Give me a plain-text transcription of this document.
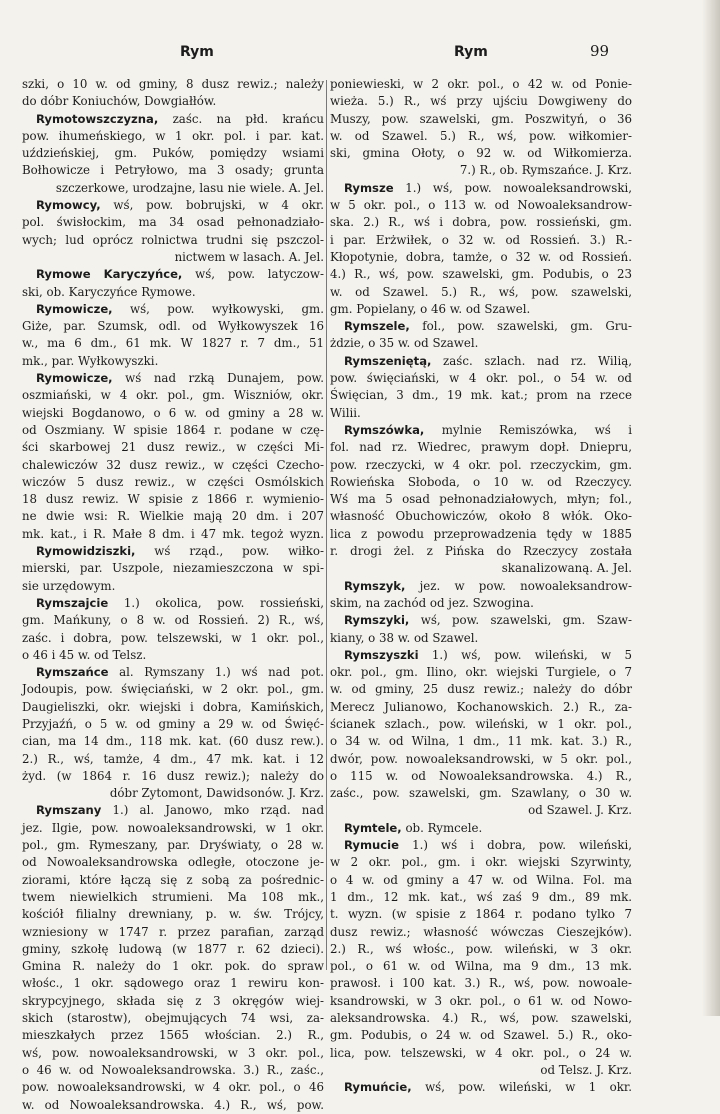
Rym	Rym	99
szki, o 10 w. od gminy, 8 dusz rewiz.; należy
do dóbr Koniuchów, Dowgiałłów.
Rymotowszczyzna, zaśc. na płd. krańcu
pow. ihumeńskiego, w 1 okr. pol. i par. kat.
uździeńskiej, gm. Puków, pomiędzy wsiami
Bołhowicze i Petryłowo, ma 3 osady; grunta
szczerkowe, urodzajne, lasu nie wiele. A. Jel.
Rymowcy, wś, pow. bobrujski, w 4 okr.
pol. świsłockim, ma 34 osad pełnonadziało-
wych; lud oprócz rolnictwa trudni się pszczol-
nictwem w lasach. A. Jel.
Rymowe Karyczyńce, wś, pow. latyczow-
ski, ob. Karyczyńce Rymowe.
Rymowicze, wś, pow. wyłkowyski, gm.
Giże, par. Szumsk, odl. od Wyłkowyszek 16
w., ma 6 dm., 61 mk. W 1827 r. 7 dm., 51
mk., par. Wyłkowyszki.
Rymowicze, wś nad rzką Dunajem, pow.
oszmiański, w 4 okr. pol., gm. Wiszniów, okr.
wiejski Bogdanowo, o 6 w. od gminy a 28 w.
od Oszmiany. W spisie 1864 r. podane w czę-
ści skarbowej 21 dusz rewiz., w części Mi-
chalewiczów 32 dusz rewiz., w części Czecho-
wiczów 5 dusz rewiz., w części Osmólskich
18 dusz rewiz. W spisie z 1866 r. wymienio-
ne dwie wsi: R. Wielkie mają 20 dm. i 207
mk. kat., i R. Małe 8 dm. i 47 mk. tegoż wyzn.
Rymowidziszki, wś rząd., pow. wiłko-
mierski, par. Uszpole, niezamieszczona w spi-
sie urzędowym.
Rymszajcie 1.) okolica, pow. rossieński,
gm. Mańkuny, o 8 w. od Rossień. 2) R., wś,
zaśc. i dobra, pow. telszewski, w 1 okr. pol.,
o 46 i 45 w. od Telsz.
Rymszańce al. Rymszany 1.) wś nad pot.
Jodoupis, pow. święciański, w 2 okr. pol., gm.
Daugieliszki, okr. wiejski i dobra, Kamińskich,
Przyjaźń, o 5 w. od gminy a 29 w. od Święć-
cian, ma 14 dm., 118 mk. kat. (60 dusz rew.).
2.) R., wś, tamże, 4 dm., 47 mk. kat. i 12
żyd. (w 1864 r. 16 dusz rewiz.); należy do
dóbr Zytomont, Dawidsonów. J. Krz.
Rymszany 1.) al. Janowo, mko rząd. nad
jez. Ilgie, pow. nowoaleksandrowski, w 1 okr.
pol., gm. Rymeszany, par. Dryświaty, o 28 w.
od Nowoaleksandrowska odległe, otoczone je-
ziorami, które łączą się z sobą za pośrednic-
twem niewielkich strumieni. Ma 108 mk.,
kościół filialny drewniany, p. w. św. Trójcy,
wzniesiony w 1747 r. przez parafian, zarząd
gminy, szkołę ludową (w 1877 r. 62 dzieci).
Gmina R. należy do 1 okr. pok. do spraw
włośc., 1 okr. sądowego oraz 1 rewiru kon-
skrypcyjnego, składa się z 3 okręgów wiej-
skich (starostw), obejmujących 74 wsi, za-
mieszkałych przez 1565 włościan. 2.) R.,
wś, pow. nowoaleksandrowski, w 3 okr. pol.,
o 46 w. od Nowoaleksandrowska. 3.) R., zaśc.,
pow. nowoaleksandrowski, w 4 okr. pol., o 46
w. od Nowoaleksandrowska. 4.) R., wś, pow.
poniewieski, w 2 okr. pol., o 42 w. od Ponie-
wieża. 5.) R., wś przy ujściu Dowgiweny do
Muszy, pow. szawelski, gm. Poszwityń, o 36
w. od Szawel. 5.) R., wś, pow. wiłkomier-
ski, gmina Ołoty, o 92 w. od Wiłkomierza.
7.) R., ob. Rymszańce. J. Krz.
Rymsze 1.) wś, pow. nowoaleksandrowski,
w 5 okr. pol., o 113 w. od Nowoaleksandrow-
ska. 2.) R., wś i dobra, pow. rossieński, gm.
i par. Erżwiłek, o 32 w. od Rossień. 3.) R.-
Kłopotynie, dobra, tamże, o 32 w. od Rossień.
4.) R., wś, pow. szawelski, gm. Podubis, o 23
w. od Szawel. 5.) R., wś, pow. szawelski,
gm. Popielany, o 46 w. od Szawel.
Rymszele, fol., pow. szawelski, gm. Gru-
żdzie, o 35 w. od Szawel.
Rymszeniętą, zaśc. szlach. nad rz. Wilią,
pow. święciański, w 4 okr. pol., o 54 w. od
Święcian, 3 dm., 19 mk. kat.; prom na rzece
Wilii.
Rymszówka, mylnie Remiszówka, wś i
fol. nad rz. Wiedrec, prawym dopł. Dniepru,
pow. rzeczycki, w 4 okr. pol. rzeczyckim, gm.
Rowieńska Słoboda, o 10 w. od Rzeczycy.
Wś ma 5 osad pełnonadziałowych, młyn; fol.,
własność Obuchowiczów, około 8 włók. Oko-
lica z powodu przeprowadzenia tędy w 1885
r. drogi żel. z Pińska do Rzeczycy została
skanalizowaną. A. Jel.
Rymszyk, jez. w pow. nowoaleksandrow-
skim, na zachód od jez. Szwogina.
Rymszyki, wś, pow. szawelski, gm. Szaw-
kiany, o 38 w. od Szawel.
Rymszyszki 1.) wś, pow. wileński, w 5
okr. pol., gm. Ilino, okr. wiejski Turgiele, o 7
w. od gminy, 25 dusz rewiz.; należy do dóbr
Merecz Julianowo, Kochanowskich. 2.) R., za-
ścianek szlach., pow. wileński, w 1 okr. pol.,
o 34 w. od Wilna, 1 dm., 11 mk. kat. 3.) R.,
dwór, pow. nowoaleksandrowski, w 5 okr. pol.,
o 115 w. od Nowoaleksandrowska. 4.) R.,
zaśc., pow. szawelski, gm. Szawlany, o 30 w.
od Szawel. J. Krz.
Rymtele, ob. Rymcele.
Rymucie 1.) wś i dobra, pow. wileński,
w 2 okr. pol., gm. i okr. wiejski Szyrwinty,
o 4 w. od gminy a 47 w. od Wilna. Fol. ma
1 dm., 12 mk. kat., wś zaś 9 dm., 89 mk.
t. wyzn. (w spisie z 1864 r. podano tylko 7
dusz rewiz.; własność wówczas Cieszejków).
2.) R., wś włośc., pow. wileński, w 3 okr.
pol., o 61 w. od Wilna, ma 9 dm., 13 mk.
prawosł. i 100 kat. 3.) R., wś, pow. nowoale-
ksandrowski, w 3 okr. pol., o 61 w. od Nowo-
aleksandrowska. 4.) R., wś, pow. szawelski,
gm. Podubis, o 24 w. od Szawel. 5.) R., oko-
lica, pow. telszewski, w 4 okr. pol., o 24 w.
od Telsz. J. Krz.
Rymuńcie, wś, pow. wileński, w 1 okr.
